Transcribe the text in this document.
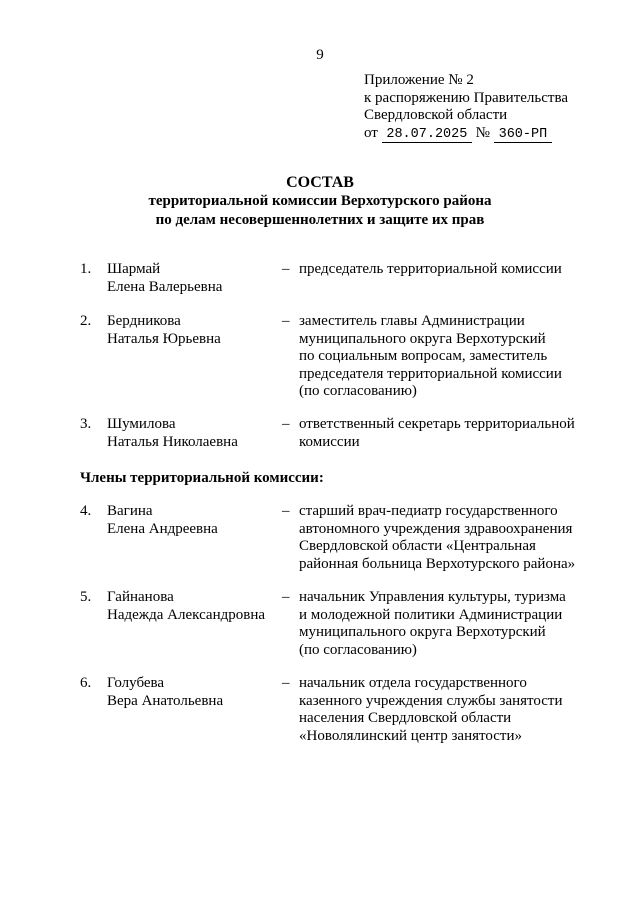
9
Приложение № 2
к распоряжению Правительства
Свердловской области
от 28.07.2025 № 360-РП
СОСТАВ
территориальной комиссии Верхотурского района
по делам несовершеннолетних и защите их прав
1. Шармай
Елена Валерьевна
– председатель территориальной комиссии
2. Бердникова
Наталья Юрьевна
– заместитель главы Администрации
муниципального округа Верхотурский
по социальным вопросам, заместитель
председателя территориальной комиссии
(по согласованию)
3. Шумилова
Наталья Николаевна
– ответственный секретарь территориальной
комиссии
Члены территориальной комиссии:
4. Вагина
Елена Андреевна
– старший врач-педиатр государственного
автономного учреждения здравоохранения
Свердловской области «Центральная
районная больница Верхотурского района»
5. Гайнанова
Надежда Александровна
– начальник Управления культуры, туризма
и молодежной политики Администрации
муниципального округа Верхотурский
(по согласованию)
6. Голубева
Вера Анатольевна
– начальник отдела государственного
казенного учреждения службы занятости
населения Свердловской области
«Новолялинский центр занятости»
